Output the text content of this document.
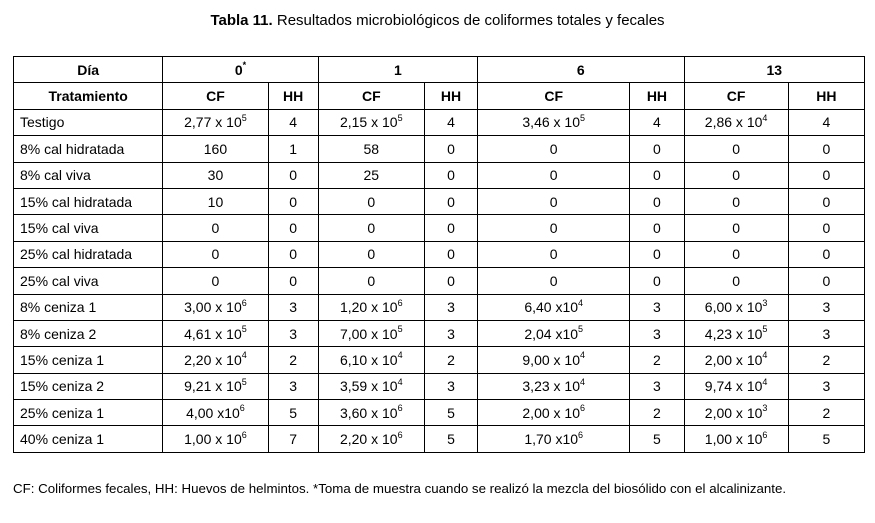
Tabla 11. Resultados microbiológicos de coliformes totales y fecales
Día	0*		1		6		13	
Tratamiento	CF	HH	CF	HH	CF	HH	CF	HH
Testigo	2,77 x $10^5$	4	2,15 x $10^5$	4	3,46 x $10^5$	4	2,86 x $10^4$	4
8% cal hidratada	160	1	58	0	0	0	0	0
8% cal viva	30	0	25	0	0	0	0	0
15% cal hidratada	10	0	0	0	0	0	0	0
15% cal viva	0	0	0	0	0	0	0	0
25% cal hidratada	0	0	0	0	0	0	0	0
25% cal viva	0	0	0	0	0	0	0	0
8% ceniza 1	3,00 x $10^6$	3	1,20 x $10^6$	3	6,40 $x10^4$	3	6,00 x $10^3$	3
8% ceniza 2	4,61 x $10^5$	3	7,00 x $10^5$	3	2,04 $x10^5$	3	4,23 x $10^5$	3
15% ceniza 1	2,20 x $10^4$	2	6,10 x $10^4$	2	9,00 x $10^4$	2	2,00 x $10^4$	2
15% ceniza 2	9,21 x $10^5$	3	3,59 x $10^4$	3	3,23 x $10^4$	3	9,74 x $10^4$	3
25% ceniza 1	4,00 $x10^6$	5	3,60 x $10^6$	5	2,00 x $10^6$	2	2,00 x $10^3$	2
40% ceniza 1	1,00 x $10^6$	7	2,20 x $10^6$	5	1,70 $x10^6$	5	1,00 x $10^6$	5
CF: Coliformes fecales, HH: Huevos de helmintos. *Toma de muestra cuando se realizó la mezcla del biosólido con el alcalinizante.
